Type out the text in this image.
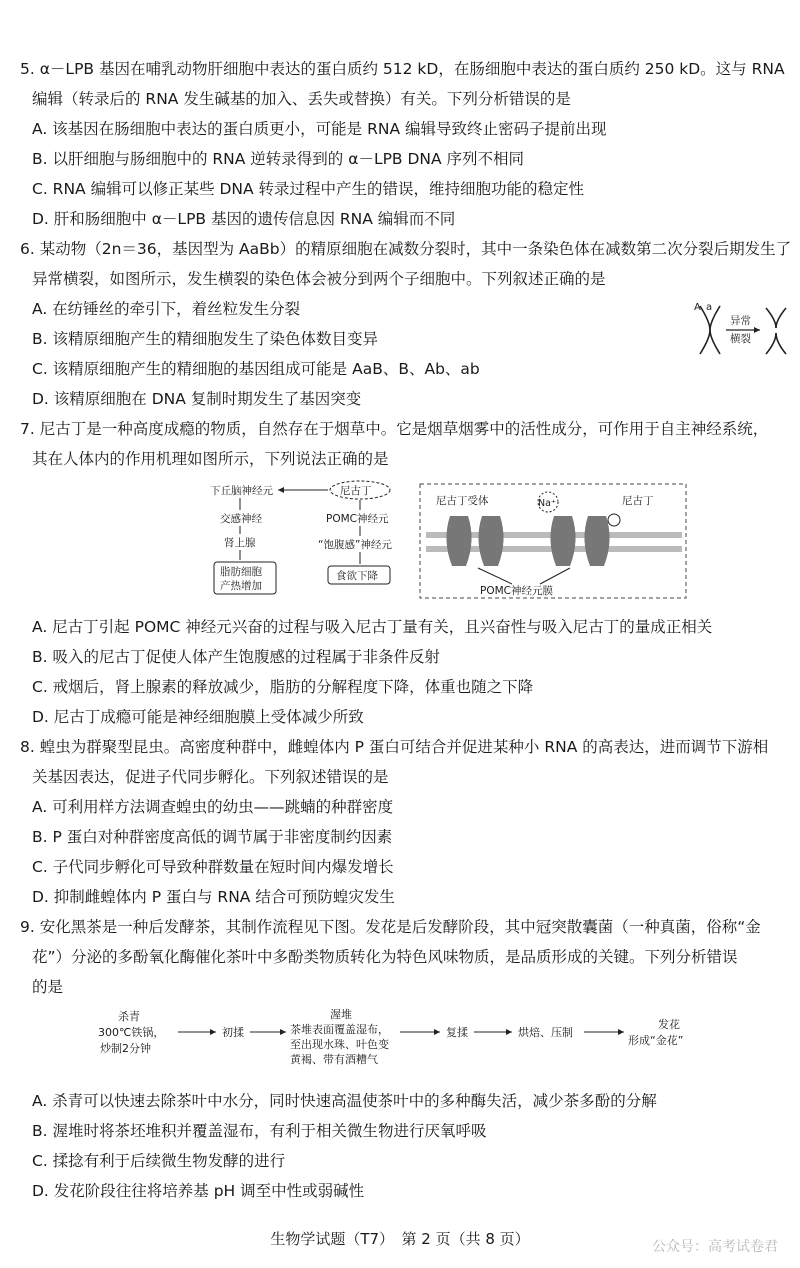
5. α－LPB 基因在哺乳动物肝细胞中表达的蛋白质约 512 kD，在肠细胞中表达的蛋白质约 250 kD。这与 RNA
编辑（转录后的 RNA 发生碱基的加入、丢失或替换）有关。下列分析错误的是
A. 该基因在肠细胞中表达的蛋白质更小，可能是 RNA 编辑导致终止密码子提前出现
B. 以肝细胞与肠细胞中的 RNA 逆转录得到的 α－LPB DNA 序列不相同
C. RNA 编辑可以修正某些 DNA 转录过程中产生的错误，维持细胞功能的稳定性
D. 肝和肠细胞中 α－LPB 基因的遗传信息因 RNA 编辑而不同
6. 某动物（2n＝36，基因型为 AaBb）的精原细胞在减数分裂时，其中一条染色体在减数第二次分裂后期发生了
异常横裂，如图所示，发生横裂的染色体会被分到两个子细胞中。下列叙述正确的是
A. 在纺锤丝的牵引下，着丝粒发生分裂
B. 该精原细胞产生的精细胞发生了染色体数目变异
C. 该精原细胞产生的精细胞的基因组成可能是 AaB、B、Ab、ab
D. 该精原细胞在 DNA 复制时期发生了基因突变
A a
异常
横裂
7. 尼古丁是一种高度成瘾的物质，自然存在于烟草中。它是烟草烟雾中的活性成分，可作用于自主神经系统，
其在人体内的作用机理如图所示，下列说法正确的是
下丘脑神经元	尼古丁
交感神经
肾上腺
脂肪细胞
产热增加
POMC神经元
“饱腹感”神经元
食欲下降
尼古丁受体	Na⁺	尼古丁
POMC神经元膜
A. 尼古丁引起 POMC 神经元兴奋的过程与吸入尼古丁量有关，且兴奋性与吸入尼古丁的量成正相关
B. 吸入的尼古丁促使人体产生饱腹感的过程属于非条件反射
C. 戒烟后，肾上腺素的释放减少，脂肪的分解程度下降，体重也随之下降
D. 尼古丁成瘾可能是神经细胞膜上受体减少所致
8. 蝗虫为群聚型昆虫。高密度种群中，雌蝗体内 P 蛋白可结合并促进某种小 RNA 的高表达，进而调节下游相
关基因表达，促进子代同步孵化。下列叙述错误的是
A. 可利用样方法调查蝗虫的幼虫——跳蝻的种群密度
B. P 蛋白对种群密度高低的调节属于非密度制约因素
C. 子代同步孵化可导致种群数量在短时间内爆发增长
D. 抑制雌蝗体内 P 蛋白与 RNA 结合可预防蝗灾发生
9. 安化黑茶是一种后发酵茶，其制作流程见下图。发花是后发酵阶段，其中冠突散囊菌（一种真菌，俗称“金
花”）分泌的多酚氧化酶催化茶叶中多酚类物质转化为特色风味物质，是品质形成的关键。下列分析错误
的是
杀青
300℃铁锅，
炒制2分钟
初揉
渥堆
茶堆表面覆盖湿布，
至出现水珠、叶色变
黄褐、带有酒糟气
复揉	烘焙、压制
发花
形成“金花”
A. 杀青可以快速去除茶叶中水分，同时快速高温使茶叶中的多种酶失活，减少茶多酚的分解
B. 渥堆时将茶坯堆积并覆盖湿布，有利于相关微生物进行厌氧呼吸
C. 揉捻有利于后续微生物发酵的进行
D. 发花阶段往往将培养基 pH 调至中性或弱碱性
生物学试题（T7）　第 2 页（共 8 页）	公众号：高考试卷君
